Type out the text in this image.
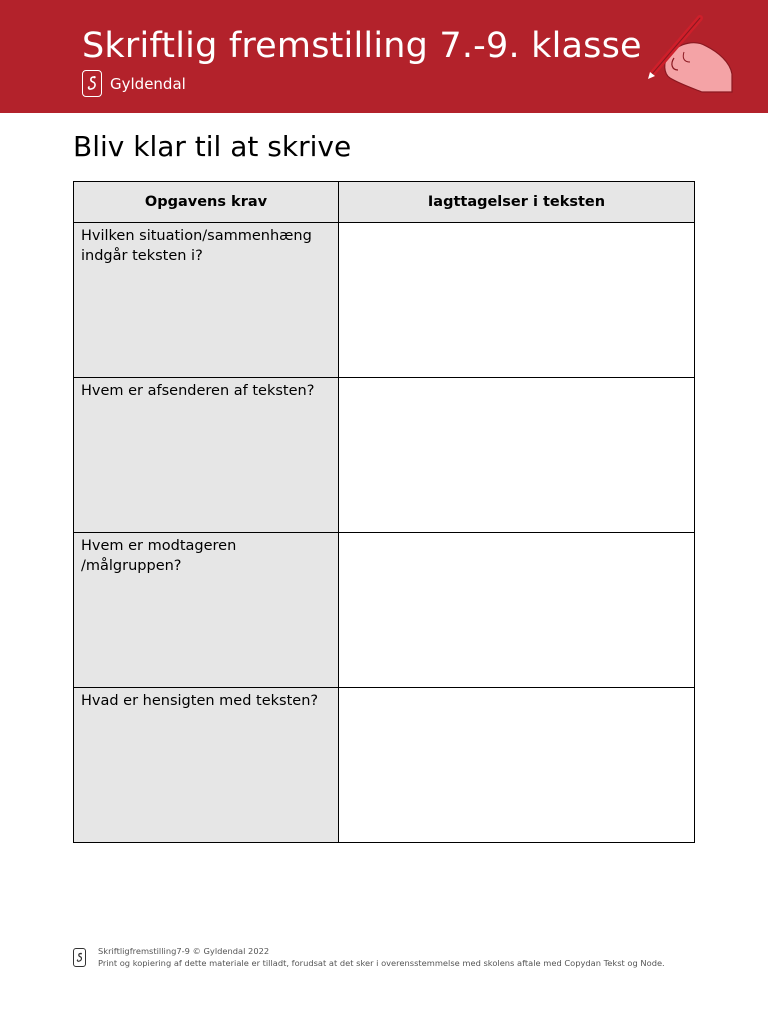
Skriftlig fremstilling 7.-9. klasse
Gyldendal
Bliv klar til at skrive
Opgavens krav	Iagttagelser i teksten
Hvilken situation/sammenhæng indgår teksten i?	
Hvem er afsenderen af teksten?	
Hvem er modtageren /målgruppen?	
Hvad er hensigten med teksten?	
Skriftligfremstilling7-9 © Gyldendal 2022
Print og kopiering af dette materiale er tilladt, forudsat at det sker i overensstemmelse med skolens aftale med Copydan Tekst og Node.
